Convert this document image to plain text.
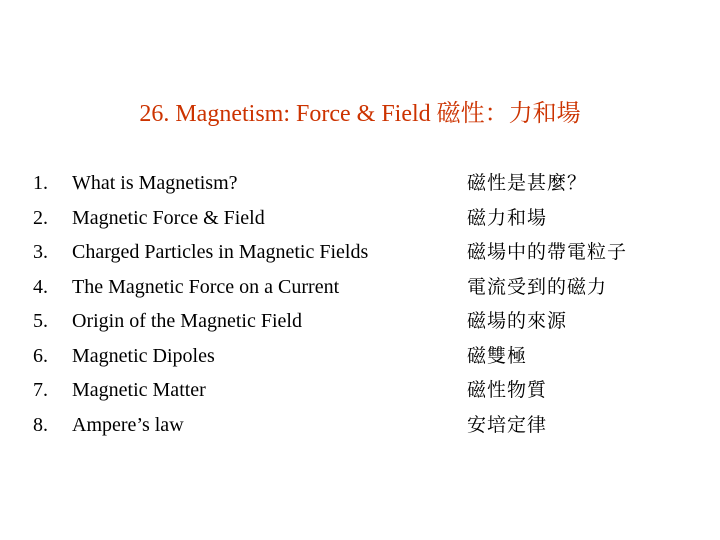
26. Magnetism: Force & Field 磁性：力和場
1. What is Magnetism?	磁性是甚麼？
2. Magnetic Force & Field	磁力和場
3. Charged Particles in Magnetic Fields	磁場中的帶電粒子
4. The Magnetic Force on a Current	電流受到的磁力
5. Origin of the Magnetic Field	磁場的來源
6. Magnetic Dipoles	磁雙極
7. Magnetic Matter	磁性物質
8. Ampere’s law	安培定律
